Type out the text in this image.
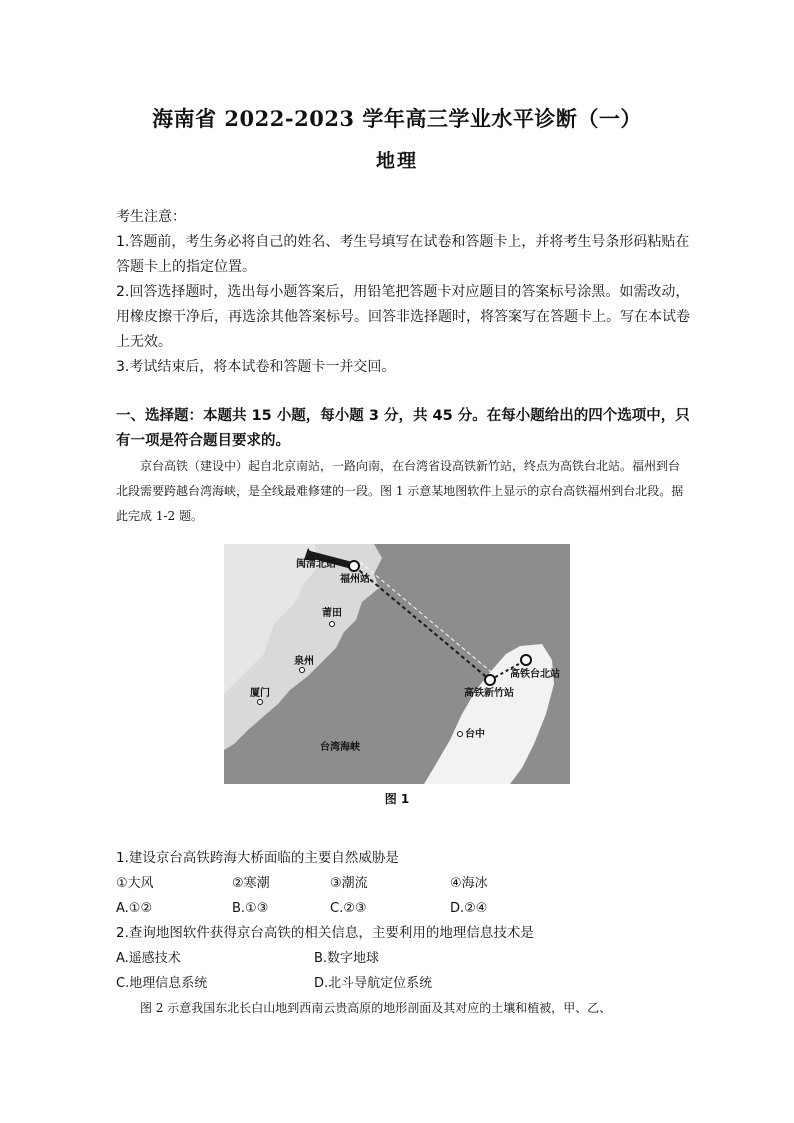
海南省 2022-2023 学年高三学业水平诊断（一）
地理

考生注意：

1.答题前，考生务必将自己的姓名、考生号填写在试卷和答题卡上，并将考生号条形码粘贴在答题卡上的指定位置。

2.回答选择题时，选出每小题答案后，用铅笔把答题卡对应题目的答案标号涂黑。如需改动，用橡皮擦干净后，再选涂其他答案标号。回答非选择题时，将答案写在答题卡上。写在本试卷上无效。

3.考试结束后，将本试卷和答题卡一并交回。

一、选择题：本题共 15 小题，每小题 3 分，共 45 分。在每小题给出的四个选项中，只有一项是符合题目要求的。

京台高铁（建设中）起自北京南站，一路向南，在台湾省设高铁新竹站，终点为高铁台北站。福州到台北段需要跨越台湾海峡，是全线最难修建的一段。图 1 示意某地图软件上显示的京台高铁福州到台北段。据此完成 1-2 题。

闽清北站
福州站
莆田
泉州
厦门
台湾海峡
高铁新竹站
高铁台北站
台中
图 1
1.建设京台高铁跨海大桥面临的主要自然威胁是
①大风	②寒潮	③潮流	④海冰
A.①②	B.①③	C.②③	D.②④
2.查询地图软件获得京台高铁的相关信息，主要利用的地理信息技术是
A.遥感技术	B.数字地球
C.地理信息系统	D.北斗导航定位系统

图 2 示意我国东北长白山地到西南云贵高原的地形剖面及其对应的土壤和植被，甲、乙、
